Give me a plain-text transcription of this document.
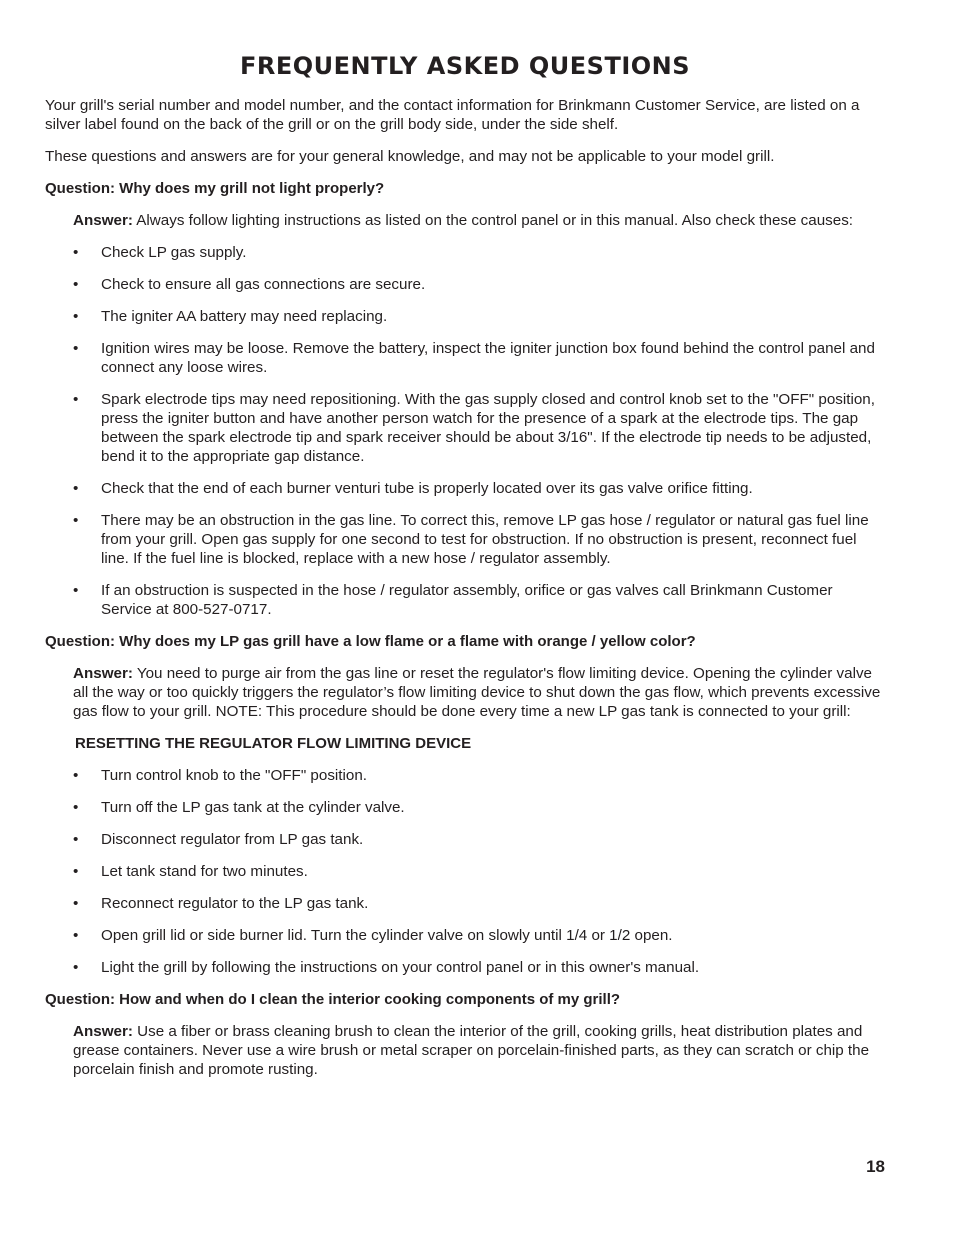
FREQUENTLY ASKED QUESTIONS

Your grill's serial number and model number, and the contact information for Brinkmann Customer Service, are listed on a silver label found on the back of the grill or on the grill body side, under the side shelf.

These questions and answers are for your general knowledge, and may not be applicable to your model grill.

Question: Why does my grill not light properly?

Answer: Always follow lighting instructions as listed on the control panel or in this manual. Also check these causes:

• Check LP gas supply.
• Check to ensure all gas connections are secure.
• The igniter AA battery may need replacing.
• Ignition wires may be loose. Remove the battery, inspect the igniter junction box found behind the control panel and connect any loose wires.
• Spark electrode tips may need repositioning. With the gas supply closed and control knob set to the "OFF" position, press the igniter button and have another person watch for the presence of a spark at the electrode tips. The gap between the spark electrode tip and spark receiver should be about 3/16". If the electrode tip needs to be adjusted, bend it to the appropriate gap distance.
• Check that the end of each burner venturi tube is properly located over its gas valve orifice fitting.
• There may be an obstruction in the gas line. To correct this, remove LP gas hose / regulator or natural gas fuel line from your grill. Open gas supply for one second to test for obstruction. If no obstruction is present, reconnect fuel line. If the fuel line is blocked, replace with a new hose / regulator assembly.
• If an obstruction is suspected in the hose / regulator assembly, orifice or gas valves call Brinkmann Customer Service at 800-527-0717.

Question: Why does my LP gas grill have a low flame or a flame with orange / yellow color?

Answer: You need to purge air from the gas line or reset the regulator's flow limiting device. Opening the cylinder valve all the way or too quickly triggers the regulator’s flow limiting device to shut down the gas flow, which prevents excessive gas flow to your grill. NOTE: This procedure should be done every time a new LP gas tank is connected to your grill:

RESETTING THE REGULATOR FLOW LIMITING DEVICE

• Turn control knob to the "OFF" position.
• Turn off the LP gas tank at the cylinder valve.
• Disconnect regulator from LP gas tank.
• Let tank stand for two minutes.
• Reconnect regulator to the LP gas tank.
• Open grill lid or side burner lid. Turn the cylinder valve on slowly until 1/4 or 1/2 open.
• Light the grill by following the instructions on your control panel or in this owner's manual.

Question: How and when do I clean the interior cooking components of my grill?

Answer: Use a fiber or brass cleaning brush to clean the interior of the grill, cooking grills, heat distribution plates and grease containers. Never use a wire brush or metal scraper on porcelain-finished parts, as they can scratch or chip the porcelain finish and promote rusting.

18
